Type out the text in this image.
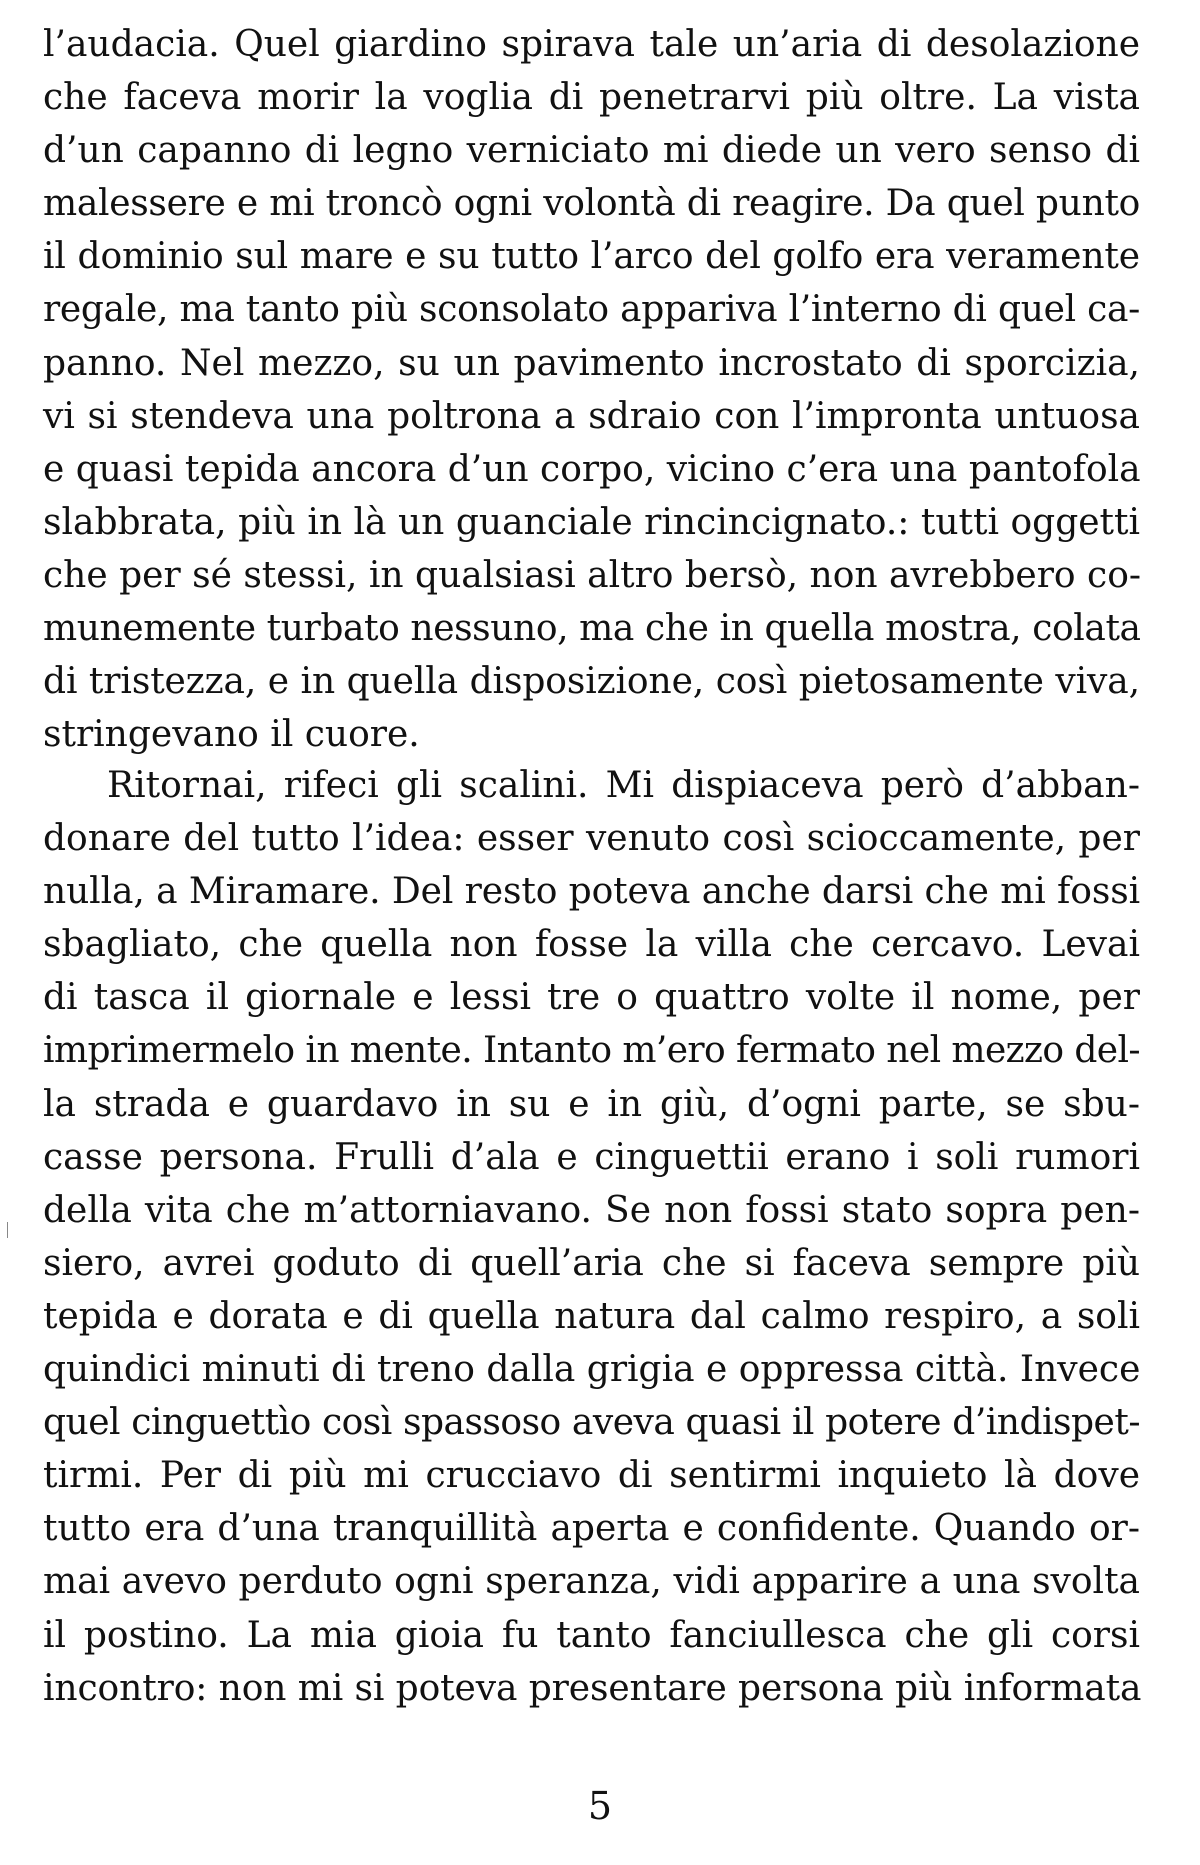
l’audacia. Quel giardino spirava tale un’aria di desolazione
che faceva morir la voglia di penetrarvi più oltre. La vista
d’un capanno di legno verniciato mi diede un vero senso di
malessere e mi troncò ogni volontà di reagire. Da quel punto
il dominio sul mare e su tutto l’arco del golfo era veramente
regale, ma tanto più sconsolato appariva l’interno di quel ca-
panno. Nel mezzo, su un pavimento incrostato di sporcizia,
vi si stendeva una poltrona a sdraio con l’impronta untuosa
e quasi tepida ancora d’un corpo, vicino c’era una pantofola
slabbrata, più in là un guanciale rincincignato.: tutti oggetti
che per sé stessi, in qualsiasi altro bersò, non avrebbero co-
munemente turbato nessuno, ma che in quella mostra, colata
di tristezza, e in quella disposizione, così pietosamente viva,
stringevano il cuore.
Ritornai, rifeci gli scalini. Mi dispiaceva però d’abban-
donare del tutto l’idea: esser venuto così scioccamente, per
nulla, a Miramare. Del resto poteva anche darsi che mi fossi
sbagliato, che quella non fosse la villa che cercavo. Levai
di tasca il giornale e lessi tre o quattro volte il nome, per
imprimermelo in mente. Intanto m’ero fermato nel mezzo del-
la strada e guardavo in su e in giù, d’ogni parte, se sbu-
casse persona. Frulli d’ala e cinguettii erano i soli rumori
della vita che m’attorniavano. Se non fossi stato sopra pen-
siero, avrei goduto di quell’aria che si faceva sempre più
tepida e dorata e di quella natura dal calmo respiro, a soli
quindici minuti di treno dalla grigia e oppressa città. Invece
quel cinguettìo così spassoso aveva quasi il potere d’indispet-
tirmi. Per di più mi crucciavo di sentirmi inquieto là dove
tutto era d’una tranquillità aperta e confidente. Quando or-
mai avevo perduto ogni speranza, vidi apparire a una svolta
il postino. La mia gioia fu tanto fanciullesca che gli corsi
incontro: non mi si poteva presentare persona più informata
5
